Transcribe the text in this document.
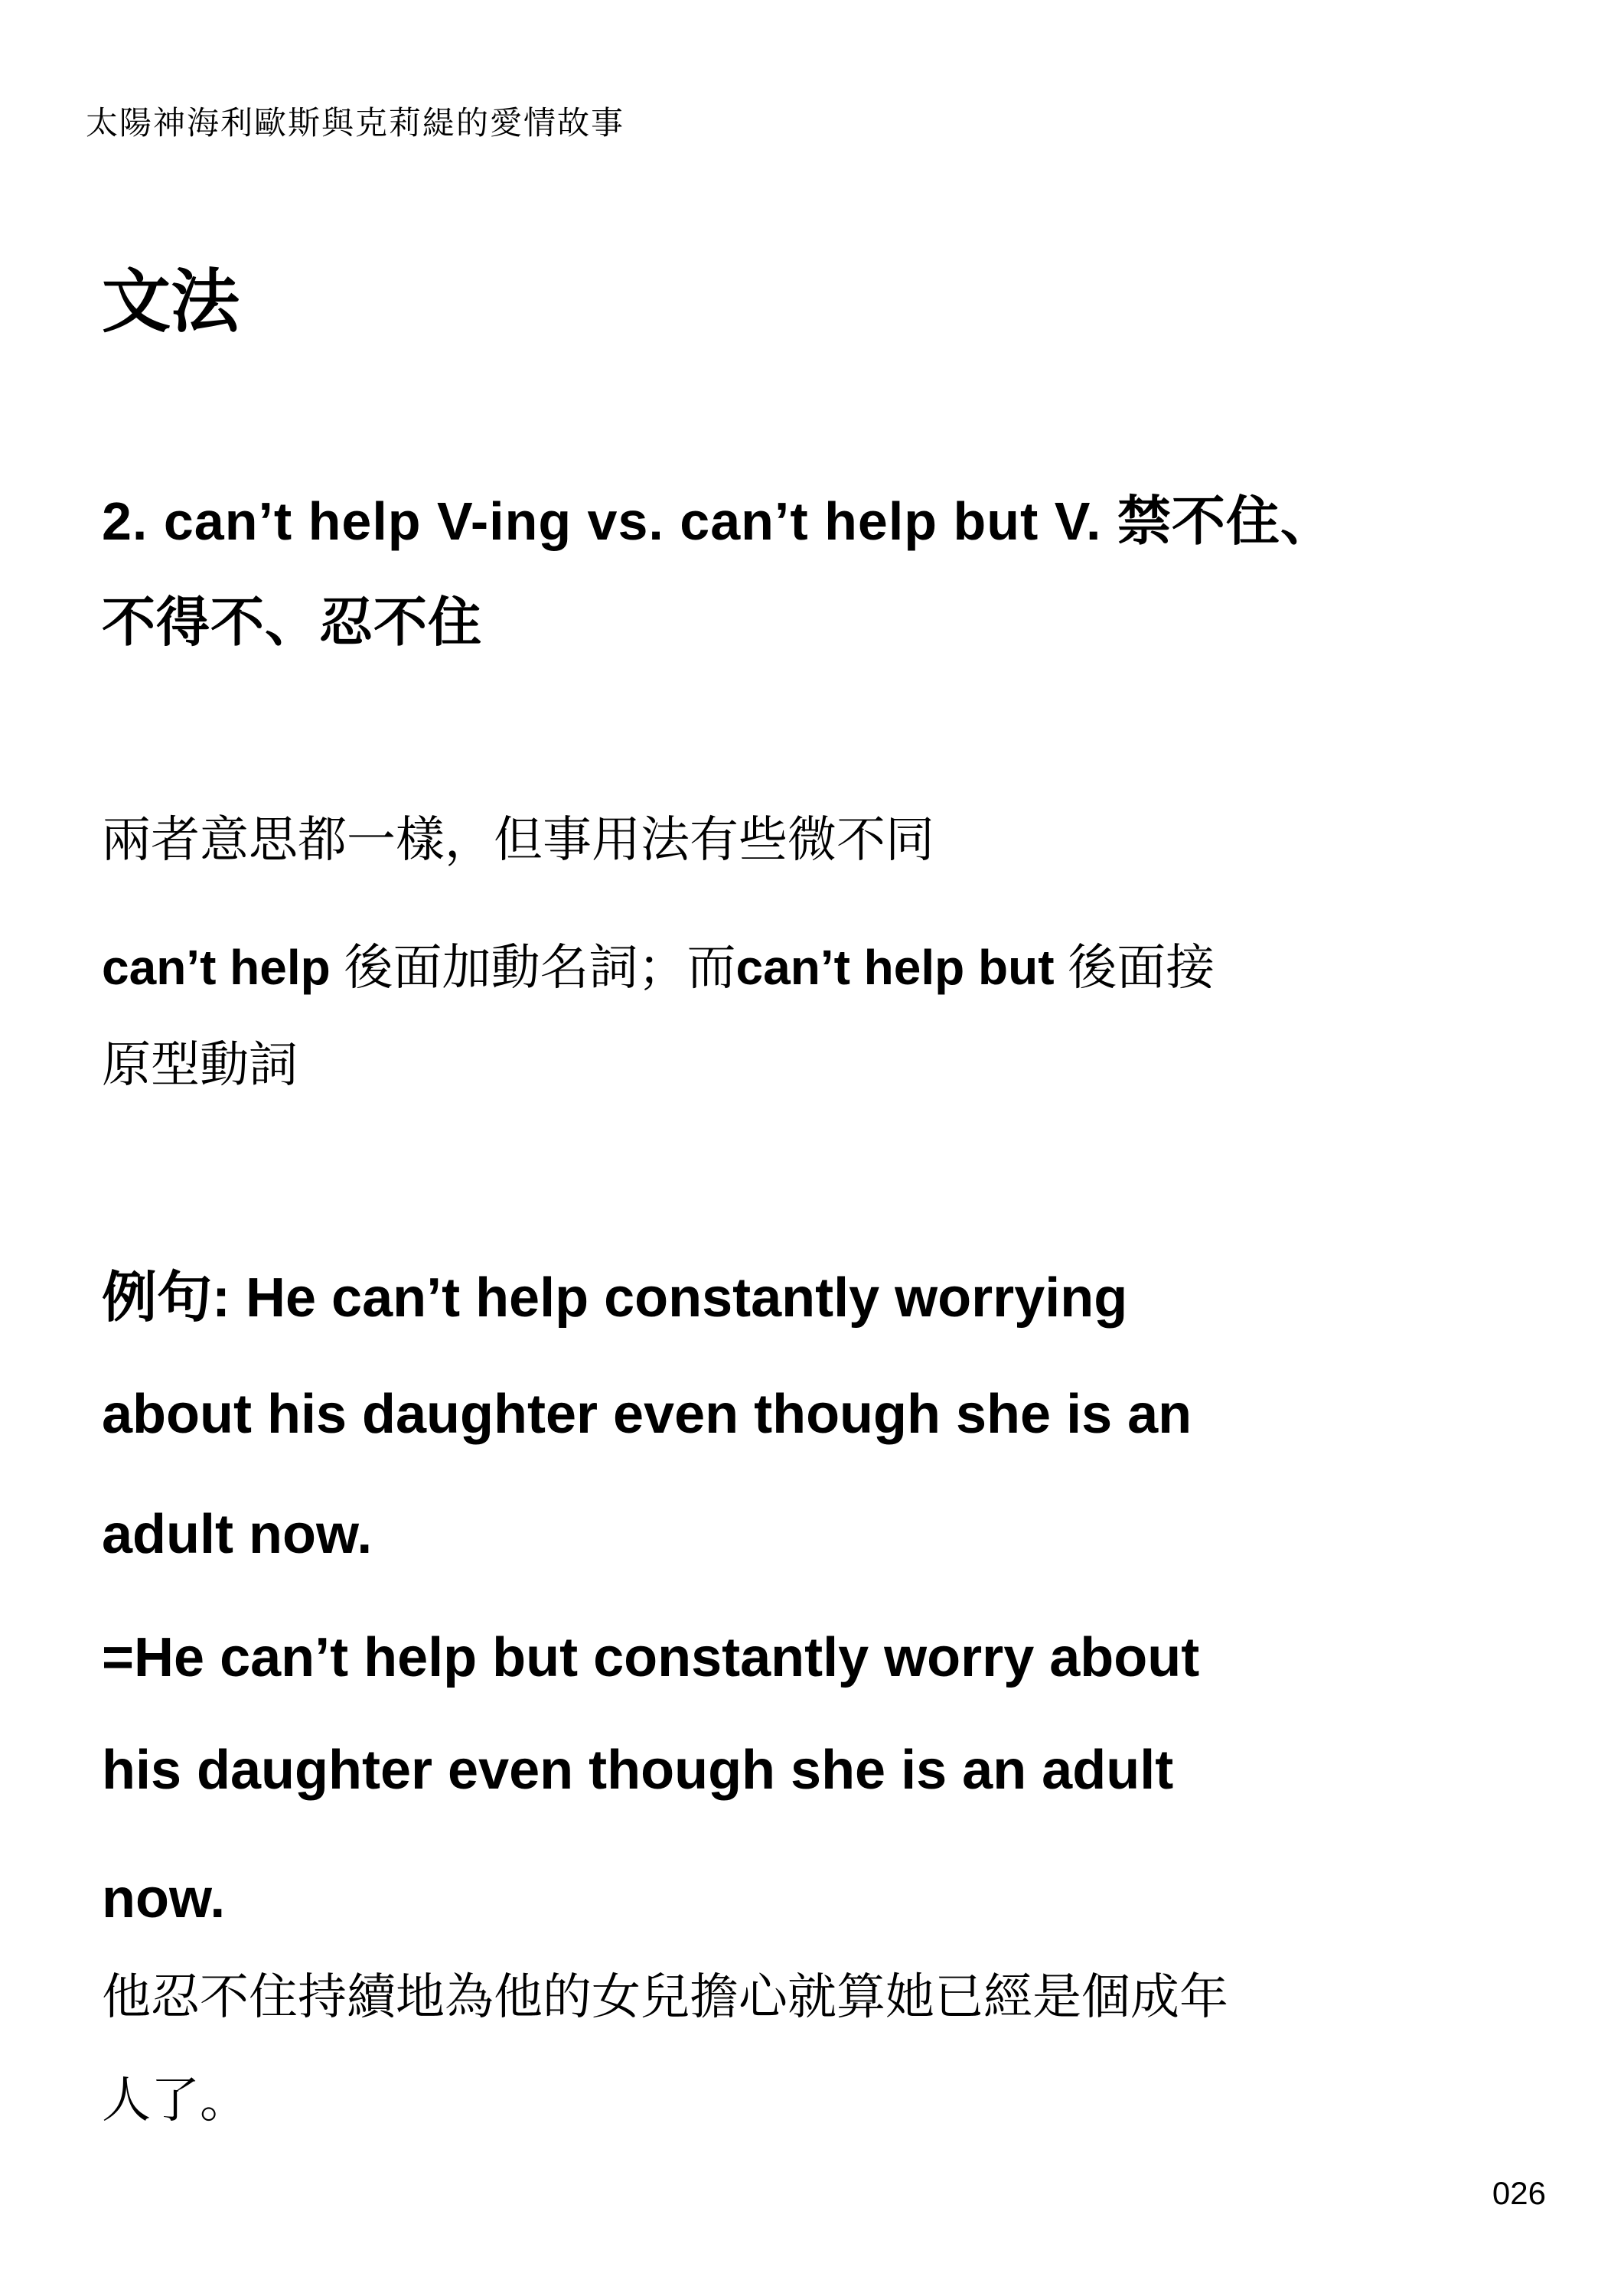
太陽神海利歐斯與克莉緹的愛情故事
文法
2. can’t help V-ing vs. can’t help but V. 禁不住、
不得不、忍不住
兩者意思都一樣，但事用法有些微不同
can’t help 後面加動名詞；而can’t help but 後面接
原型動詞
例句: He can’t help constantly worrying
about his daughter even though she is an
adult now.
=He can’t help but constantly worry about
his daughter even though she is an adult
now.
他忍不住持續地為他的女兒擔心就算她已經是個成年
人了。
026
